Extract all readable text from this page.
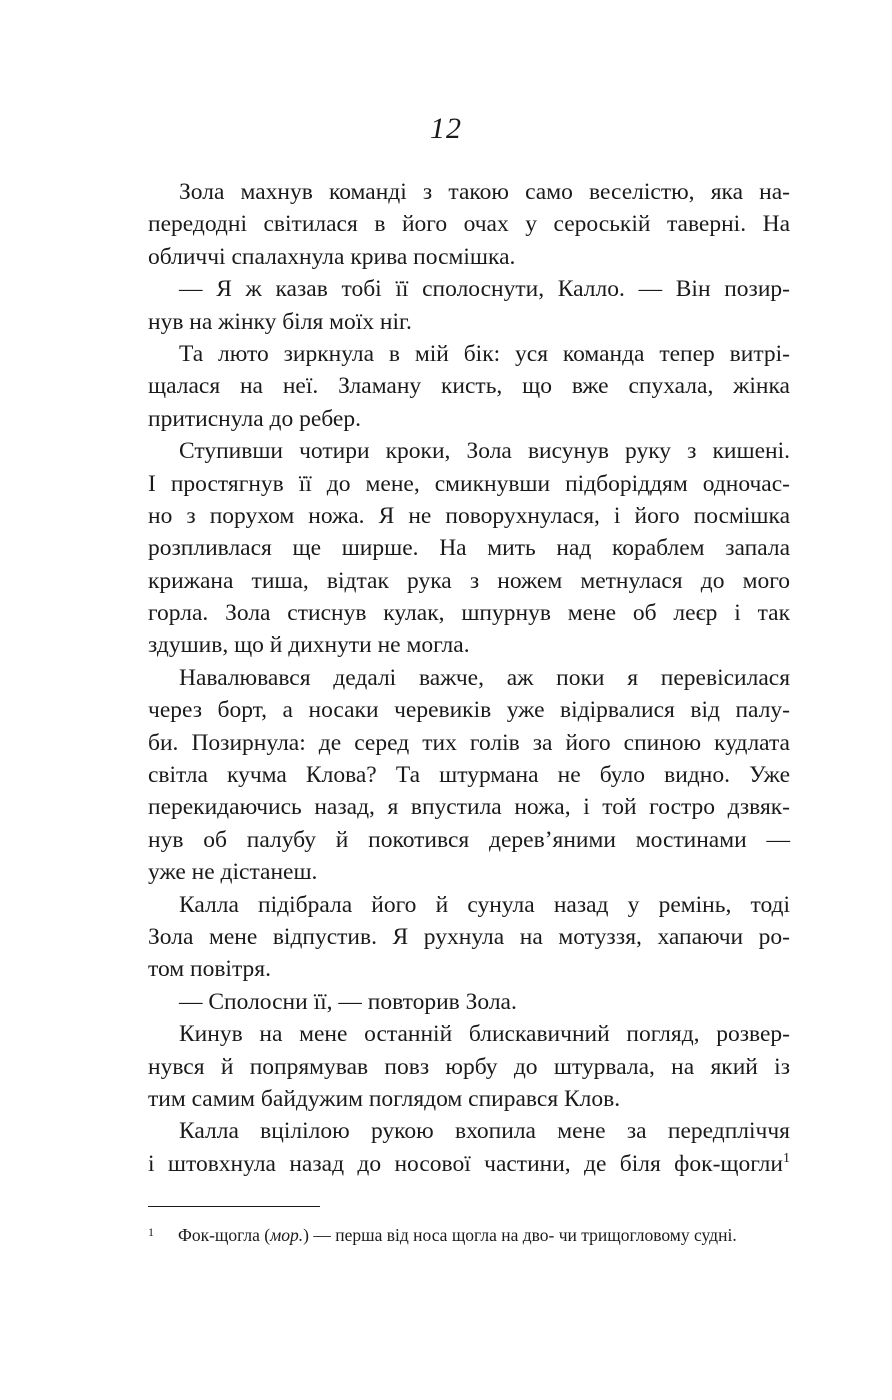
12
Зола махнув команді з такою само веселістю, яка на-
передодні світилася в його очах у сероській таверні. На
обличчі спалахнула крива посмішка.
— Я ж казав тобі її сполоснути, Калло. — Він позир-
нув на жінку біля моїх ніг.
Та люто зиркнула в мій бік: уся команда тепер витрі-
щалася на неї. Зламану кисть, що вже спухала, жінка
притиснула до ребер.
Ступивши чотири кроки, Зола висунув руку з кишені.
І простягнув її до мене, смикнувши підборіддям одночас-
но з порухом ножа. Я не поворухнулася, і його посмішка
розпливлася ще ширше. На мить над кораблем запала
крижана тиша, відтак рука з ножем метнулася до мого
горла. Зола стиснув кулак, шпурнув мене об леєр і так
здушив, що й дихнути не могла.
Навалювався дедалі важче, аж поки я перевісилася
через борт, а носаки черевиків уже відірвалися від палу-
би. Позирнула: де серед тих голів за його спиною кудлата
світла кучма Клова? Та штурмана не було видно. Уже
перекидаючись назад, я впустила ножа, і той гостро дзвяк-
нув об палубу й покотився дерев’яними мостинами —
уже не дістанеш.
Калла підібрала його й сунула назад у ремінь, тоді
Зола мене відпустив. Я рухнула на мотуззя, хапаючи ро-
том повітря.
— Сполосни її, — повторив Зола.
Кинув на мене останній блискавичний погляд, розвер-
нувся й попрямував повз юрбу до штурвала, на який із
тим самим байдужим поглядом спирався Клов.
Калла вцілілою рукою вхопила мене за передпліччя
і штовхнула назад до носової частини, де біля фок-щогли$^1$
1 Фок-щогла (мор.) — перша від носа щогла на дво- чи трищогловому судні.
